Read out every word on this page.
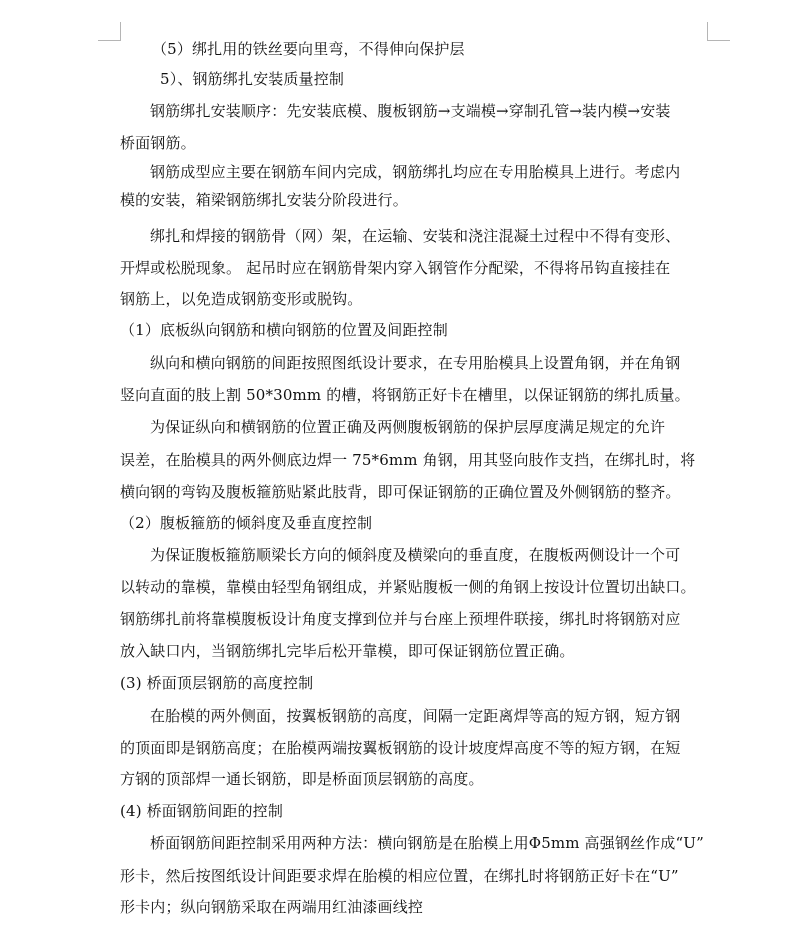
（5）绑扎用的铁丝要向里弯，不得伸向保护层
5）、钢筋绑扎安装质量控制
钢筋绑扎安装顺序：先安装底模、腹板钢筋→支端模→穿制孔管→装内模→安装
桥面钢筋。
钢筋成型应主要在钢筋车间内完成，钢筋绑扎均应在专用胎模具上进行。考虑内
模的安装，箱梁钢筋绑扎安装分阶段进行。
绑扎和焊接的钢筋骨（网）架，在运输、安装和浇注混凝土过程中不得有变形、
开焊或松脱现象。 起吊时应在钢筋骨架内穿入钢管作分配梁，不得将吊钩直接挂在
钢筋上，以免造成钢筋变形或脱钩。
（1）底板纵向钢筋和横向钢筋的位置及间距控制
纵向和横向钢筋的间距按照图纸设计要求，在专用胎模具上设置角钢，并在角钢
竖向直面的肢上割 50*30mm 的槽，将钢筋正好卡在槽里，以保证钢筋的绑扎质量。
为保证纵向和横钢筋的位置正确及两侧腹板钢筋的保护层厚度满足规定的允许
误差，在胎模具的两外侧底边焊一 75*6mm 角钢，用其竖向肢作支挡，在绑扎时，将
横向钢的弯钩及腹板箍筋贴紧此肢背，即可保证钢筋的正确位置及外侧钢筋的整齐。
（2）腹板箍筋的倾斜度及垂直度控制
为保证腹板箍筋顺梁长方向的倾斜度及横梁向的垂直度，在腹板两侧设计一个可
以转动的靠模，靠模由轻型角钢组成，并紧贴腹板一侧的角钢上按设计位置切出缺口。
钢筋绑扎前将靠模腹板设计角度支撑到位并与台座上预埋件联接，绑扎时将钢筋对应
放入缺口内，当钢筋绑扎完毕后松开靠模，即可保证钢筋位置正确。
(3) 桥面顶层钢筋的高度控制
在胎模的两外侧面，按翼板钢筋的高度，间隔一定距离焊等高的短方钢，短方钢
的顶面即是钢筋高度；在胎模两端按翼板钢筋的设计坡度焊高度不等的短方钢，在短
方钢的顶部焊一通长钢筋，即是桥面顶层钢筋的高度。
(4) 桥面钢筋间距的控制
桥面钢筋间距控制采用两种方法：横向钢筋是在胎模上用Φ5mm 高强钢丝作成“U”
形卡，然后按图纸设计间距要求焊在胎模的相应位置，在绑扎时将钢筋正好卡在“U”
形卡内；纵向钢筋采取在两端用红油漆画线控
